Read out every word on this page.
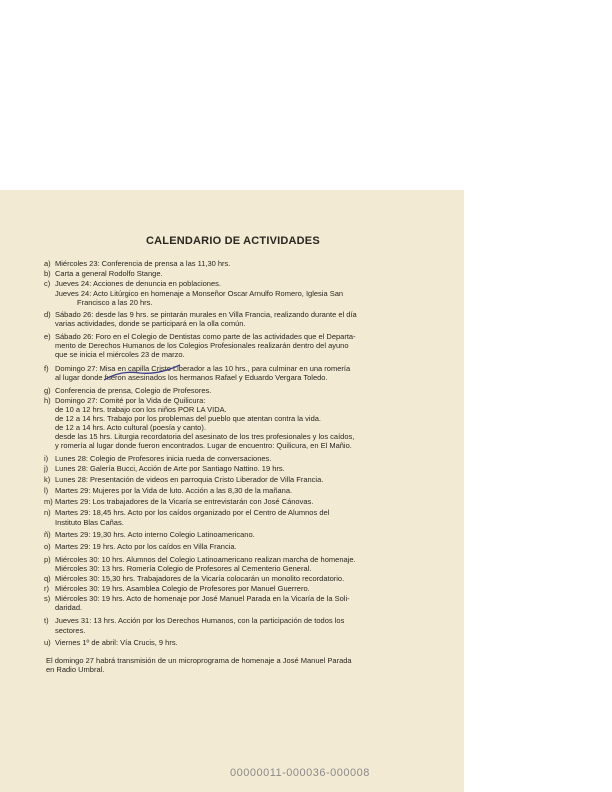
CALENDARIO DE ACTIVIDADES
a) Miércoles 23: Conferencia de prensa a las 11,30 hrs.
b) Carta a general Rodolfo Stange.
c) Jueves 24: Acciones de denuncia en poblaciones.
Jueves 24: Acto Litúrgico en homenaje a Monseñor Oscar Arnulfo Romero, Iglesia San
Francisco a las 20 hrs.
d) Sábado 26: desde las 9 hrs. se pintarán murales en Villa Francia, realizando durante el día
varias actividades, donde se participará en la olla común.
e) Sábado 26: Foro en el Colegio de Dentistas como parte de las actividades que el Departa-
mento de Derechos Humanos de los Colegios Profesionales realizarán dentro del ayuno
que se inicia el miércoles 23 de marzo.
f) Domingo 27: Misa en capilla Cristo Liberador a las 10 hrs., para culminar en una romería
al lugar donde fueron asesinados los hermanos Rafael y Eduardo Vergara Toledo.
g) Conferencia de prensa, Colegio de Profesores.
h) Domingo 27: Comité por la Vida de Quilicura:
de 10 a 12 hrs. trabajo con los niños POR LA VIDA.
de 12 a 14 hrs. Trabajo por los problemas del pueblo que atentan contra la vida.
de 12 a 14 hrs. Acto cultural (poesía y canto).
desde las 15 hrs. Liturgia recordatoria del asesinato de los tres profesionales y los caídos,
y romería al lugar donde fueron encontrados. Lugar de encuentro: Quilicura, en El Mañio.
i) Lunes 28: Colegio de Profesores inicia rueda de conversaciones.
j) Lunes 28: Galería Bucci, Acción de Arte por Santiago Nattino. 19 hrs.
k) Lunes 28: Presentación de videos en parroquia Cristo Liberador de Villa Francia.
l) Martes 29: Mujeres por la Vida de luto. Acción a las 8,30 de la mañana.
m) Martes 29: Los trabajadores de la Vicaría se entrevistarán con José Cánovas.
n) Martes 29: 18,45 hrs. Acto por los caídos organizado por el Centro de Alumnos del
Instituto Blas Cañas.
ñ) Martes 29: 19,30 hrs. Acto interno Colegio Latinoamericano.
o) Martes 29: 19 hrs. Acto por los caídos en Villa Francia.
p) Miércoles 30: 10 hrs. Alumnos del Colegio Latinoamericano realizan marcha de homenaje.
Miércoles 30: 13 hrs. Romería Colegio de Profesores al Cementerio General.
q) Miércoles 30: 15,30 hrs. Trabajadores de la Vicaría colocarán un monolito recordatorio.
r) Miércoles 30: 19 hrs. Asamblea Colegio de Profesores por Manuel Guerrero.
s) Miércoles 30: 19 hrs. Acto de homenaje por José Manuel Parada en la Vicaría de la Soli-
daridad.
t) Jueves 31: 13 hrs. Acción por los Derechos Humanos, con la participación de todos los
sectores.
u) Viernes 1º de abril: Vía Crucis, 9 hrs.
El domingo 27 habrá transmisión de un microprograma de homenaje a José Manuel Parada
en Radio Umbral.
00000011-000036-000008
